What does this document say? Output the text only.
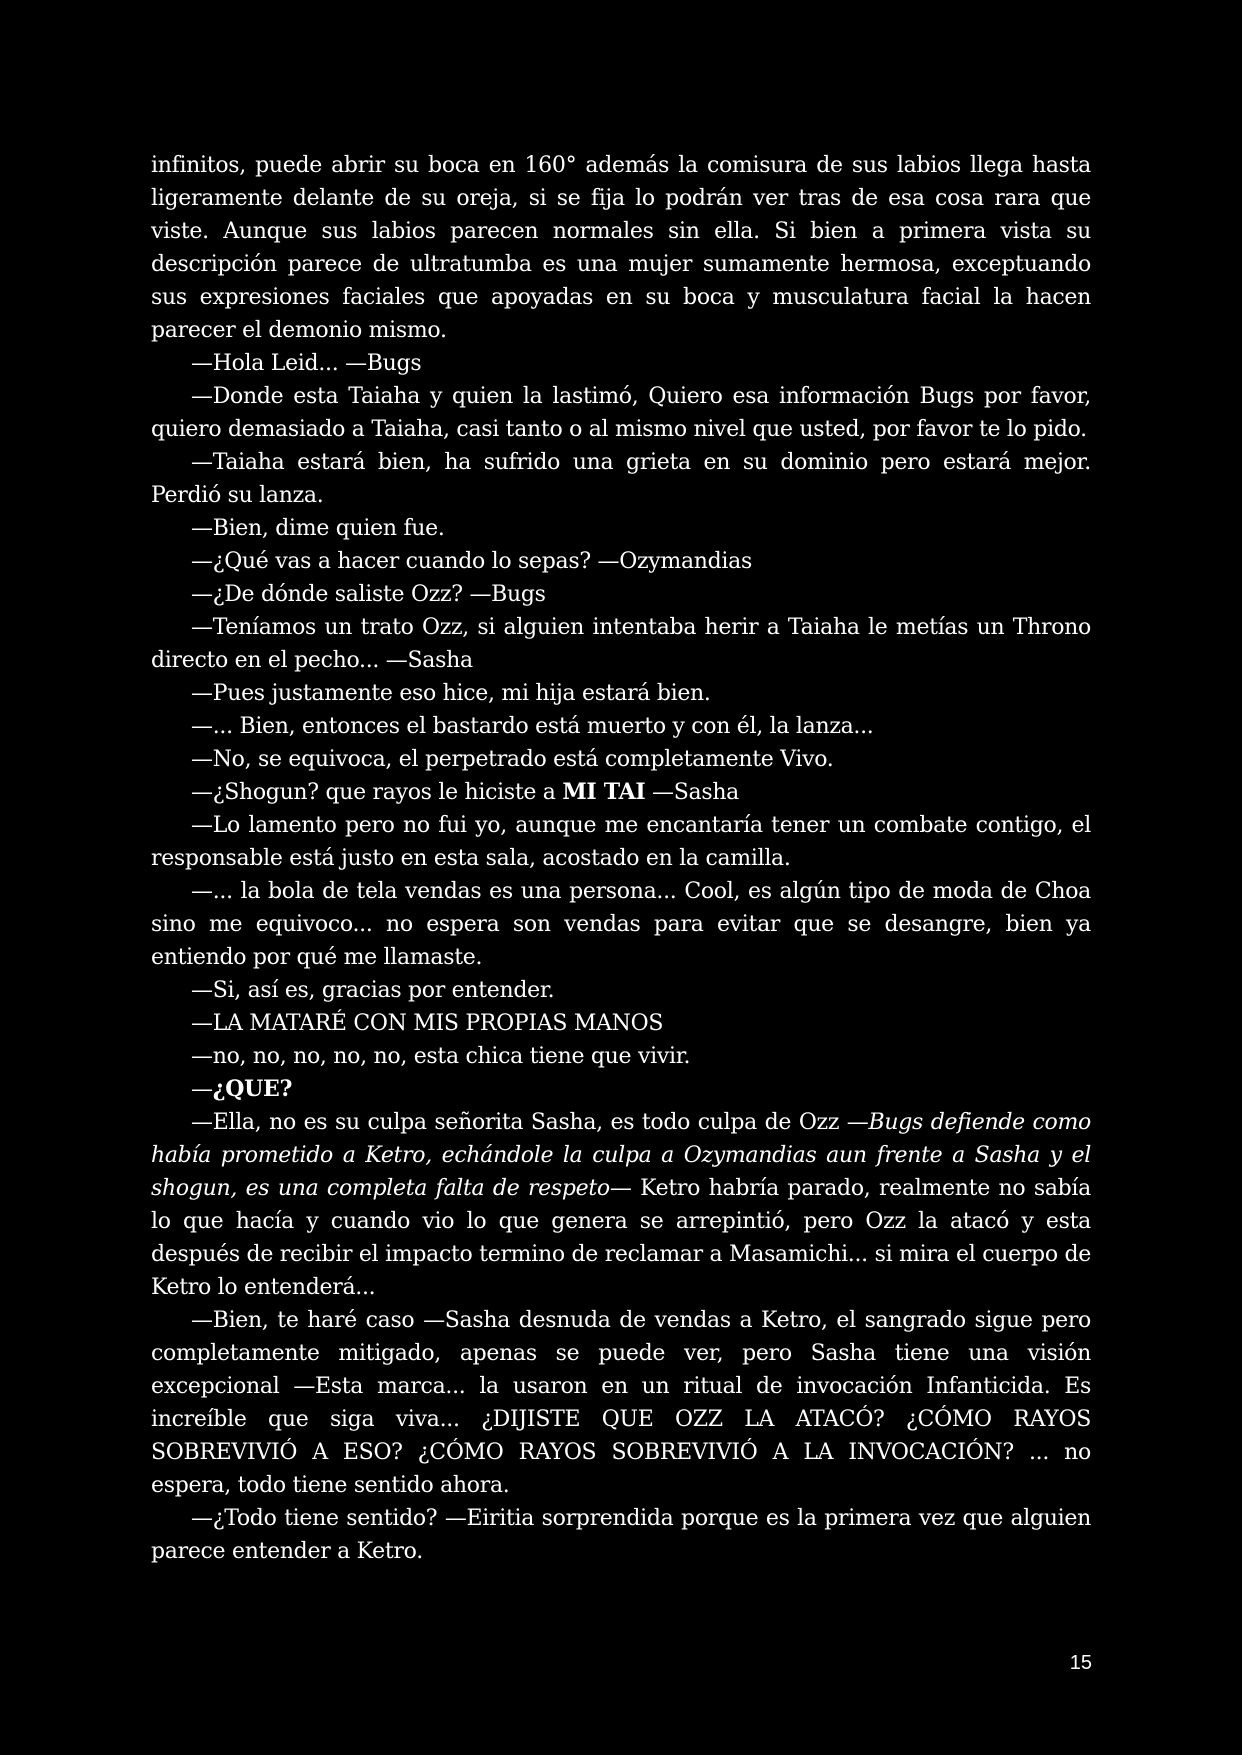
infinitos, puede abrir su boca en 160° además la comisura de sus labios llega hasta ligeramente delante de su oreja, si se fija lo podrán ver tras de esa cosa rara que viste. Aunque sus labios parecen normales sin ella. Si bien a primera vista su descripción parece de ultratumba es una mujer sumamente hermosa, exceptuando sus expresiones faciales que apoyadas en su boca y musculatura facial la hacen parecer el demonio mismo.

—Hola Leid... —Bugs

—Donde esta Taiaha y quien la lastimó, Quiero esa información Bugs por favor, quiero demasiado a Taiaha, casi tanto o al mismo nivel que usted, por favor te lo pido.

—Taiaha estará bien, ha sufrido una grieta en su dominio pero estará mejor. Perdió su lanza.

—Bien, dime quien fue.

—¿Qué vas a hacer cuando lo sepas? —Ozymandias

—¿De dónde saliste Ozz? —Bugs

—Teníamos un trato Ozz, si alguien intentaba herir a Taiaha le metías un Throno directo en el pecho... —Sasha

—Pues justamente eso hice, mi hija estará bien.

—... Bien, entonces el bastardo está muerto y con él, la lanza...

—No, se equivoca, el perpetrado está completamente Vivo.

—¿Shogun? que rayos le hiciste a MI TAI —Sasha

—Lo lamento pero no fui yo, aunque me encantaría tener un combate contigo, el responsable está justo en esta sala, acostado en la camilla.

—... la bola de tela vendas es una persona... Cool, es algún tipo de moda de Choa sino me equivoco... no espera son vendas para evitar que se desangre, bien ya entiendo por qué me llamaste.

—Si, así es, gracias por entender.

—LA MATARÉ CON MIS PROPIAS MANOS

—no, no, no, no, no, esta chica tiene que vivir.

—¿QUE?

—Ella, no es su culpa señorita Sasha, es todo culpa de Ozz —Bugs defiende como había prometido a Ketro, echándole la culpa a Ozymandias aun frente a Sasha y el shogun, es una completa falta de respeto— Ketro habría parado, realmente no sabía lo que hacía y cuando vio lo que genera se arrepintió, pero Ozz la atacó y esta después de recibir el impacto termino de reclamar a Masamichi... si mira el cuerpo de Ketro lo entenderá...

—Bien, te haré caso —Sasha desnuda de vendas a Ketro, el sangrado sigue pero completamente mitigado, apenas se puede ver, pero Sasha tiene una visión excepcional —Esta marca... la usaron en un ritual de invocación Infanticida. Es increíble que siga viva... ¿DIJISTE QUE OZZ LA ATACÓ? ¿CÓMO RAYOS SOBREVIVIÓ A ESO? ¿CÓMO RAYOS SOBREVIVIÓ A LA INVOCACIÓN? ... no espera, todo tiene sentido ahora.

—¿Todo tiene sentido? —Eiritia sorprendida porque es la primera vez que alguien parece entender a Ketro.

15
